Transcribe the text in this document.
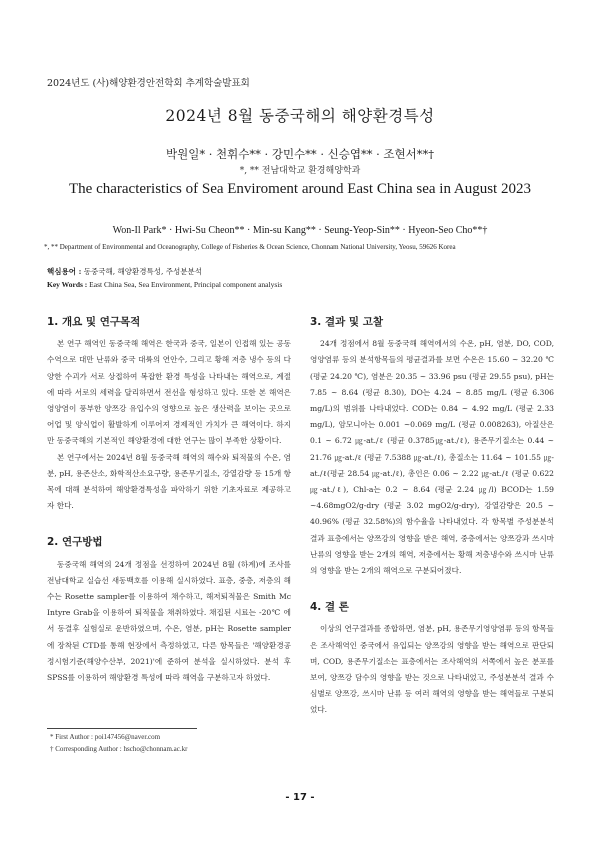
2024년도 (사)해양환경안전학회 추계학술발표회
2024년 8월 동중국해의 해양환경특성
박원일* · 천휘수** · 강민수** · 신승엽** · 조현서**†
*, ** 전남대학교 환경해양학과
The characteristics of Sea Enviroment around East China sea in August 2023
Won-Il Park* · Hwi-Su Cheon** · Min-su Kang** · Seung-Yeop-Sin** · Hyeon-Seo Cho**†
*, ** Department of Environmental and Oceanography, College of Fisheries & Ocean Science, Chonnam National University, Yeosu, 59626 Korea
핵심용어 : 동중국해, 해양환경특성, 주성분분석
Key Words : East China Sea, Sea Environment, Principal component analysis
1. 개요 및 연구목적

본 연구 해역인 동중국해 해역은 한국과 중국, 일본이 인접해 있는 공동수역으로 대만 난류와 중국 대륙의 연안수, 그리고 황해 저층 냉수 등의 다양한 수괴가 서로 상접하여 복잡한 환경 특성을 나타내는 해역으로, 계절에 따라 서로의 세력을 달리하면서 전선을 형성하고 있다. 또한 본 해역은 영양염이 풍부한 양쯔강 유입수의 영향으로 높은 생산력을 보이는 곳으로 어업 및 양식업이 활발하게 이루어져 경제적인 가치가 큰 해역이다. 하지만 동중국해의 기본적인 해양환경에 대한 연구는 많이 부족한 상황이다.

본 연구에서는 2024년 8월 동중국해 해역의 해수와 퇴적물의 수온, 염분, pH, 용존산소, 화학적산소요구량, 용존무기질소, 강열감량 등 15개 항목에 대해 분석하여 해양환경특성을 파악하기 위한 기초자료로 제공하고자 한다.

2. 연구방법

동중국해 해역의 24개 정점을 선정하여 2024년 8월 (하계)에 조사를 전남대학교 실습선 새동백호를 이용해 실시하였다. 표층, 중층, 저층의 해수는 Rosette sampler를 이용하여 채수하고, 해저퇴적물은 Smith Mc Intyre Grab을 이용하여 퇴적물을 채취하였다. 채집된 시료는 -20℃ 에서 동결후 실험실로 운반하였으며, 수온, 염분, pH는 Rosette sampler에 장착된 CTD를 통해 현장에서 측정하였고, 다른 항목들은 '해양환경공정시험기준(해양수산부, 2021)'에 준하여 분석을 실시하였다. 분석 후 SPSS를 이용하여 해양환경 특성에 따라 해역을 구분하고자 하였다.

3. 결과 및 고찰

24개 정점에서 8월 동중국해 해역에서의 수온, pH, 염분, DO, COD, 영양염류 등의 분석항목들의 평균결과를 보면 수온은 15.60 ~ 32.20 ℃ (평균 24.20 ℃), 염분은 20.35 ~ 33.96 psu (평균 29.55 psu), pH는 7.85 ~ 8.64 (평균 8.30), DO는 4.24 ~ 8.85 mg/L (평균 6.306 mg/L)의 범위를 나타내었다. COD는 0.84 ~ 4.92 mg/L (평균 2.33 mg/L), 암모니아는 0.001 ~0.069 mg/L (평균 0.008263), 아질산은 0.1 ~ 6.72 ㎍-at./ℓ (평균 0.3785㎍-at./ℓ), 용존무기질소는 0.44 ~ 21.76 ㎍-at./ℓ (평균 7.5388 ㎍-at./ℓ), 총질소는 11.64 ~ 101.55 ㎍-at./ℓ(평균 28.54 ㎍-at./ℓ), 총인은 0.06 ~ 2.22 ㎍-at./ℓ (평균 0.622 ㎍-at./ℓ), Chl-a는 0.2 ~ 8.64 (평균 2.24 ㎍/l) BCOD는 1.59 ~4.68mgO2/g-dry (평균 3.02 mgO2/g-dry), 강열감량은 20.5 ~ 40.96% (평균 32.58%)의 함수율을 나타내었다. 각 항목별 주성분분석 결과 표층에서는 양쯔강의 영향을 받은 해역, 중층에서는 양쯔강과 쓰시마 난류의 영향을 받는 2개의 해역, 저층에서는 황해 저층냉수와 쓰시마 난류의 영향을 받는 2개의 해역으로 구분되어졌다.

4. 결 론

이상의 연구결과를 종합하면, 염분, pH, 용존무기영양염류 등의 항목들은 조사해역인 중국에서 유입되는 양쯔강의 영향을 받는 해역으로 판단되며, COD, 용존무기질소는 표층에서는 조사해역의 서쪽에서 높은 분포를 보여, 양쯔강 담수의 영향을 받는 것으로 나타내었고, 주성분분석 결과 수심별로 양쯔강, 쓰시마 난류 등 여러 해역의 영향을 받는 해역들로 구분되었다.

* First Author : poi147456@naver.com
† Corresponding Author : hscho@chonnam.ac.kr
- 17 -
